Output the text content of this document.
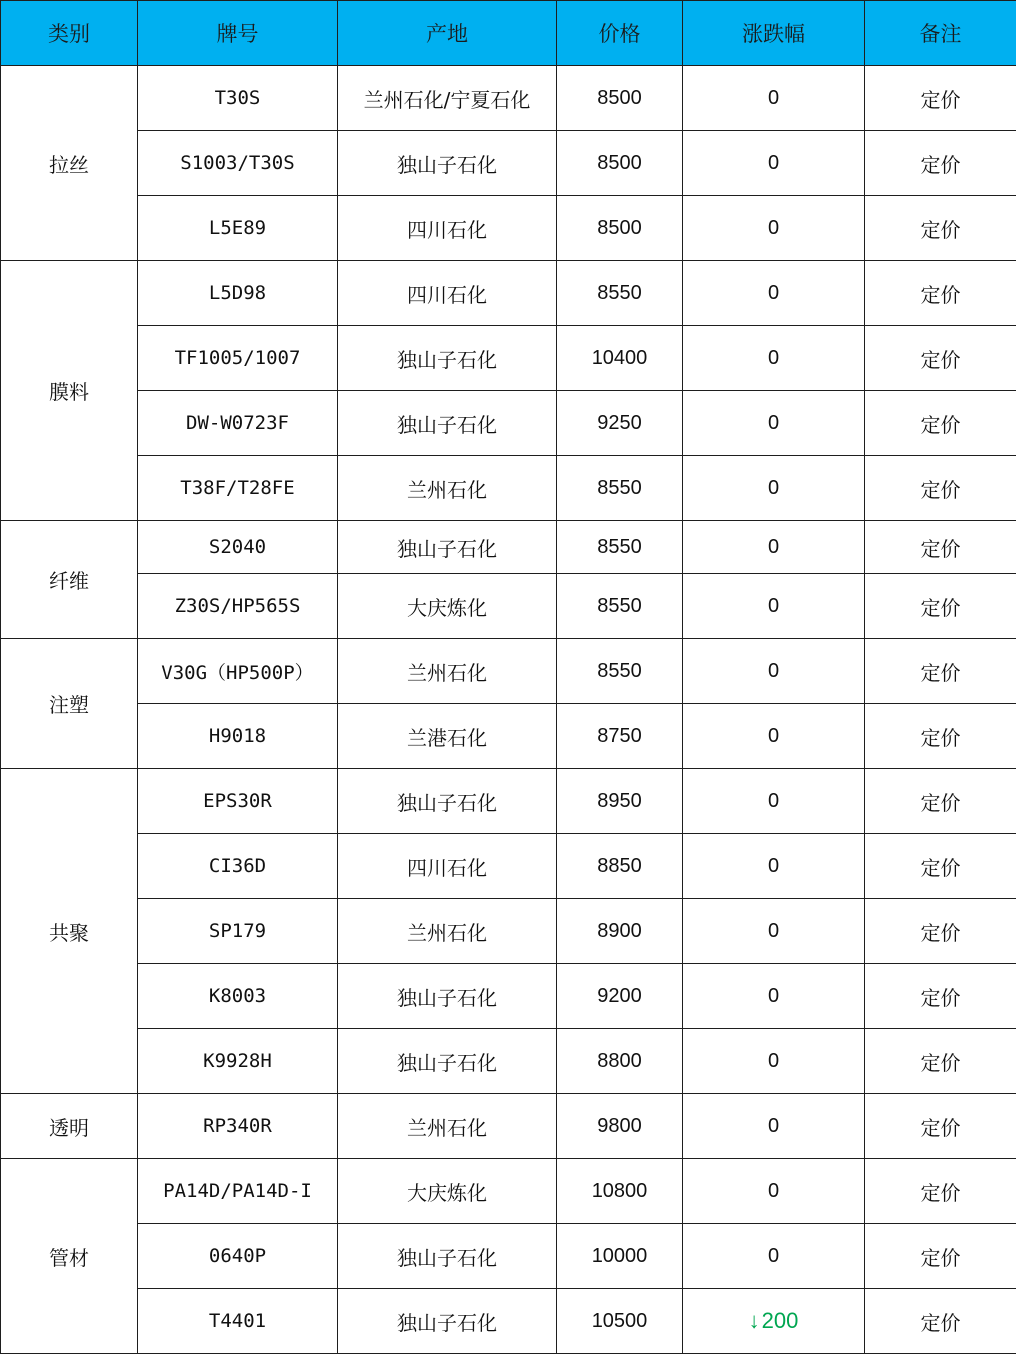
类别	牌号	产地	价格	涨跌幅	备注
拉丝	T30S	兰州石化/宁夏石化	8500	0	定价
	S1003/T30S	独山子石化	8500	0	定价
	L5E89	四川石化	8500	0	定价
膜料	L5D98	四川石化	8550	0	定价
	TF1005/1007	独山子石化	10400	0	定价
	DW-W0723F	独山子石化	9250	0	定价
	T38F/T28FE	兰州石化	8550	0	定价
纤维	S2040	独山子石化	8550	0	定价
	Z30S/HP565S	大庆炼化	8550	0	定价
注塑	V30G（HP500P）	兰州石化	8550	0	定价
	H9018	兰港石化	8750	0	定价
共聚	EPS30R	独山子石化	8950	0	定价
	CI36D	四川石化	8850	0	定价
	SP179	兰州石化	8900	0	定价
	K8003	独山子石化	9200	0	定价
	K9928H	独山子石化	8800	0	定价
透明	RP340R	兰州石化	9800	0	定价
管材	PA14D/PA14D-I	大庆炼化	10800	0	定价
	0640P	独山子石化	10000	0	定价
	T4401	独山子石化	10500	↓200	定价
